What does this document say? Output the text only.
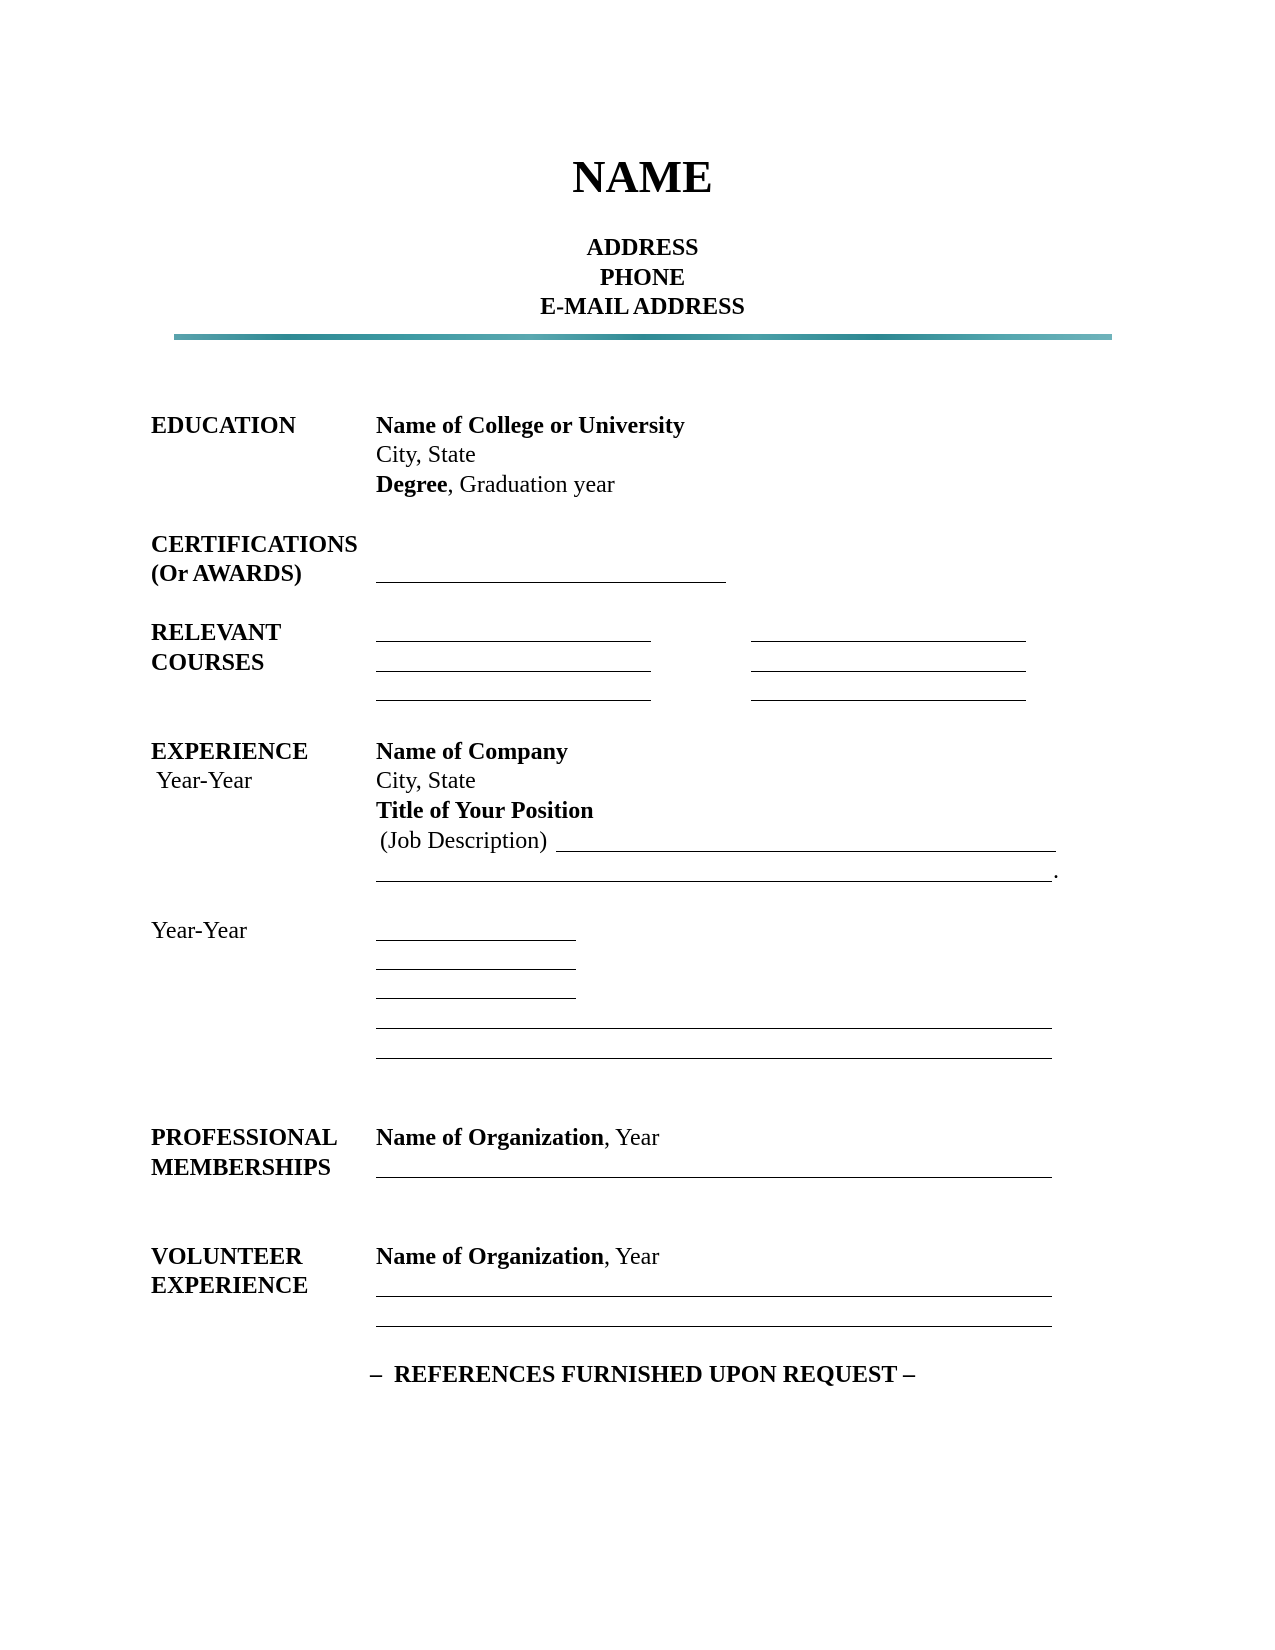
NAME
ADDRESS
PHONE
E-MAIL ADDRESS
EDUCATION	Name of College or University
City, State
Degree, Graduation year
CERTIFICATIONS
(Or AWARDS)
RELEVANT
COURSES
EXPERIENCE
Year-Year
Name of Company
City, State
Title of Your Position
(Job Description)
.
Year-Year
PROFESSIONAL
MEMBERSHIPS
Name of Organization, Year
VOLUNTEER
EXPERIENCE
Name of Organization, Year
–  REFERENCES FURNISHED UPON REQUEST –
